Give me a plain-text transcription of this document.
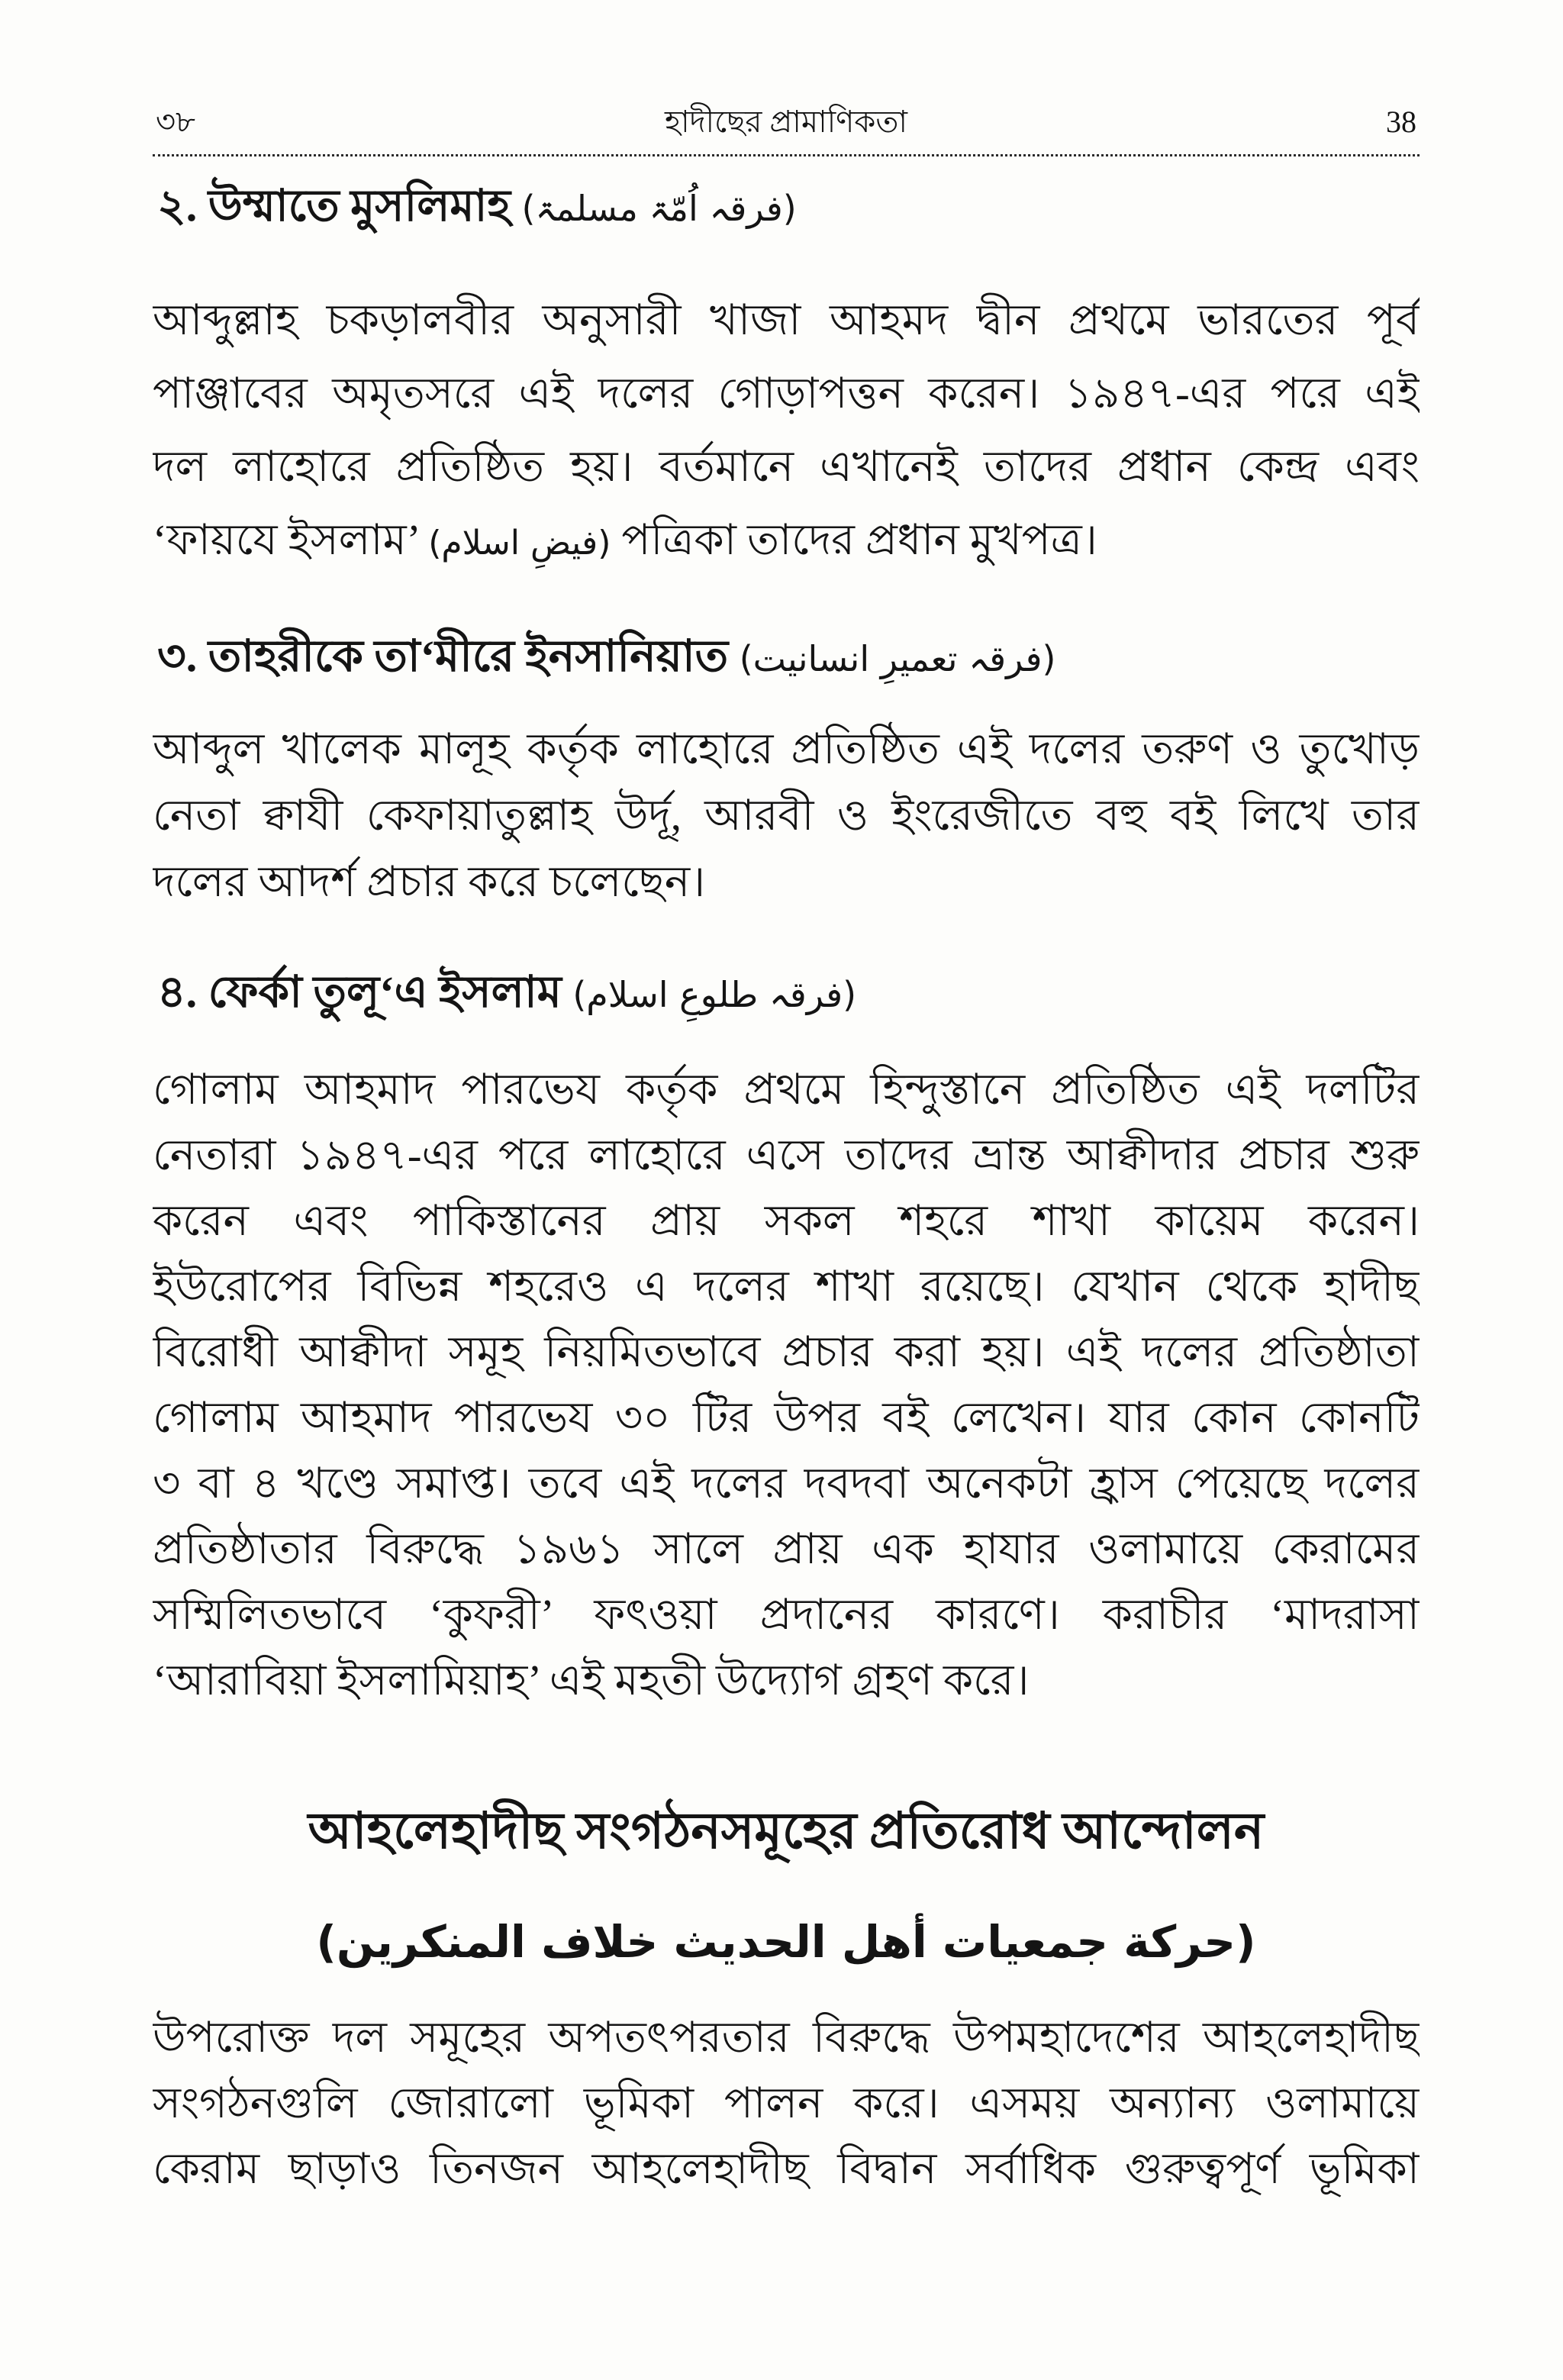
৩৮	হাদীছের প্রামাণিকতা	38
২. উম্মাতে মুসলিমাহ (فرقہ اُمّۃ مسلمۃ)
আব্দুল্লাহ চকড়ালবীর অনুসারী খাজা আহমদ দ্বীন প্রথমে ভারতের পূর্ব
পাঞ্জাবের অমৃতসরে এই দলের গোড়াপত্তন করেন। ১৯৪৭-এর পরে এই
দল লাহোরে প্রতিষ্ঠিত হয়। বর্তমানে এখানেই তাদের প্রধান কেন্দ্র এবং
‘ফায়যে ইসলাম’ (فیضِ اسلام) পত্রিকা তাদের প্রধান মুখপত্র।
৩. তাহরীকে তা‘মীরে ইনসানিয়াত (فرقہ تعمیرِ انسانیت)
আব্দুল খালেক মালূহ কর্তৃক লাহোরে প্রতিষ্ঠিত এই দলের তরুণ ও তুখোড়
নেতা ক্বাযী কেফায়াতুল্লাহ উর্দূ, আরবী ও ইংরেজীতে বহু বই লিখে তার
দলের আদর্শ প্রচার করে চলেছেন।
৪. ফের্কা তুলূ‘এ ইসলাম (فرقہ طلوعِ اسلام)
গোলাম আহমাদ পারভেয কর্তৃক প্রথমে হিন্দুস্তানে প্রতিষ্ঠিত এই দলটির
নেতারা ১৯৪৭-এর পরে লাহোরে এসে তাদের ভ্রান্ত আক্বীদার প্রচার শুরু
করেন এবং পাকিস্তানের প্রায় সকল শহরে শাখা কায়েম করেন।
ইউরোপের বিভিন্ন শহরেও এ দলের শাখা রয়েছে। যেখান থেকে হাদীছ
বিরোধী আক্বীদা সমূহ নিয়মিতভাবে প্রচার করা হয়। এই দলের প্রতিষ্ঠাতা
গোলাম আহমাদ পারভেয ৩০ টির উপর বই লেখেন। যার কোন কোনটি
৩ বা ৪ খণ্ডে সমাপ্ত। তবে এই দলের দবদবা অনেকটা হ্রাস পেয়েছে দলের
প্রতিষ্ঠাতার বিরুদ্ধে ১৯৬১ সালে প্রায় এক হাযার ওলামায়ে কেরামের
সম্মিলিতভাবে ‘কুফরী’ ফৎওয়া প্রদানের কারণে। করাচীর ‘মাদরাসা
‘আরাবিয়া ইসলামিয়াহ’ এই মহতী উদ্যোগ গ্রহণ করে।
আহলেহাদীছ সংগঠনসমূহের প্রতিরোধ আন্দোলন
(حركة جمعيات أهل الحديث خلاف المنكرين)
উপরোক্ত দল সমূহের অপতৎপরতার বিরুদ্ধে উপমহাদেশের আহলেহাদীছ
সংগঠনগুলি জোরালো ভূমিকা পালন করে। এসময় অন্যান্য ওলামায়ে
কেরাম ছাড়াও তিনজন আহলেহাদীছ বিদ্বান সর্বাধিক গুরুত্বপূর্ণ ভূমিকা
